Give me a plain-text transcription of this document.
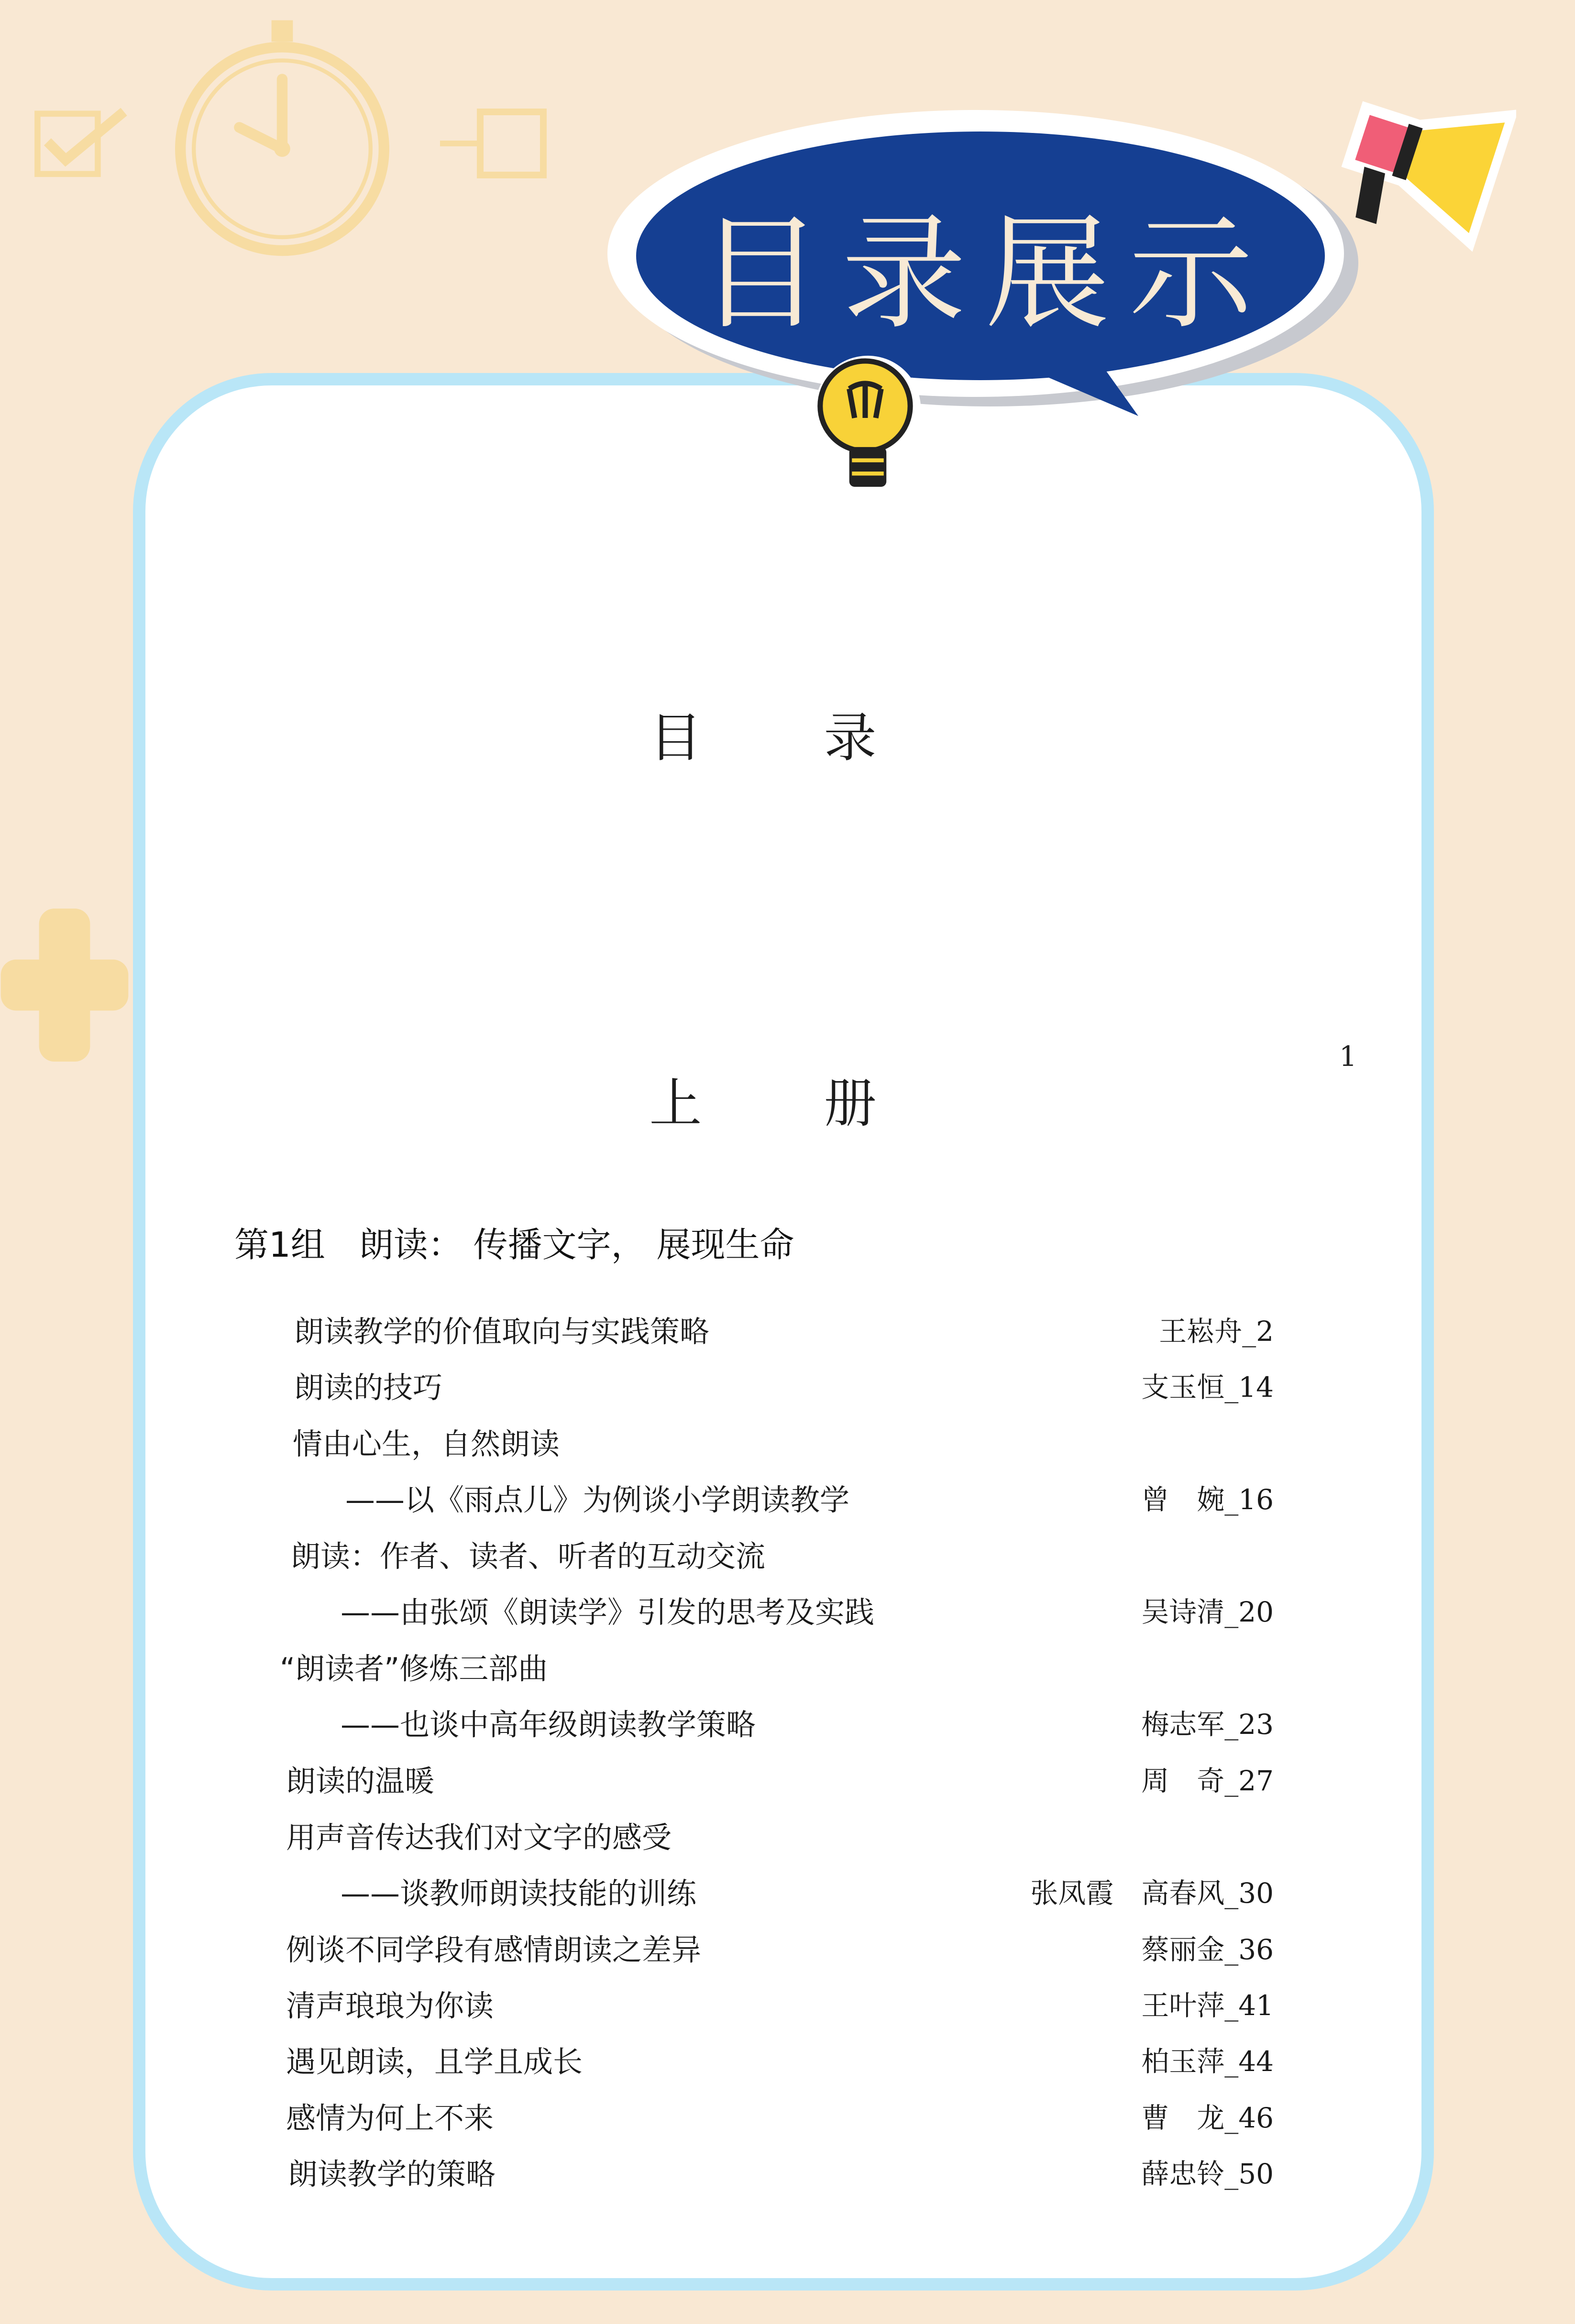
目录展示
目 录
上 册
1
第1组 朗读： 传播文字， 展现生命
朗读教学的价值取向与实践策略	王崧舟_2
朗读的技巧	支玉恒_14
情由心生，自然朗读
——以《雨点儿》为例谈小学朗读教学	曾　婉_16
朗读：作者、读者、听者的互动交流
——由张颂《朗读学》引发的思考及实践	吴诗清_20
“朗读者”修炼三部曲
——也谈中高年级朗读教学策略	梅志军_23
朗读的温暖	周　奇_27
用声音传达我们对文字的感受
——谈教师朗读技能的训练	张凤霞　高春风_30
例谈不同学段有感情朗读之差异	蔡丽金_36
清声琅琅为你读	王叶萍_41
遇见朗读，且学且成长	柏玉萍_44
感情为何上不来	曹　龙_46
朗读教学的策略	薛忠铃_50
